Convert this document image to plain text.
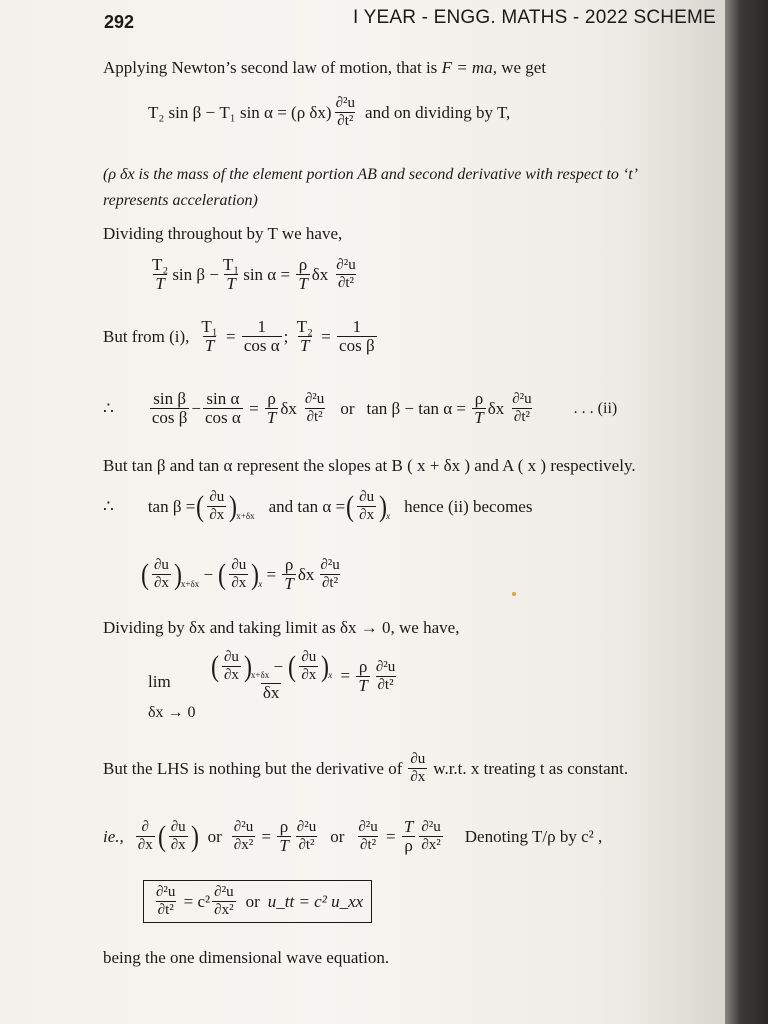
292	I YEAR - ENGG. MATHS - 2022 SCHEME
Applying Newton’s second law of motion, that is F = ma, we get
T₂ sin β − T₁ sin α = (ρ $\delta x) \frac{\text{∂²u}}{\text{∂t²}}$ and on dividing by T,
(ρ δx is the mass of the element portion AB and second derivative with respect to ‘t’
represents acceleration)
Dividing throughout by T we have,
$\frac{\text{T₂}}{T}$ $\sin \beta - \frac{\text{T₁}}{T}$ $\sin \alpha = \frac{\rho}{T}$ δx $\frac{\text{∂²u}}{\text{∂t²}}$
But from (i), $\frac{\text{T₁}}{T} = \frac{1}{\text{cos α}}$ ; $\frac{\text{T₂}}{T} = \frac{1}{\text{cos β}}$
∴ $\frac{\text{sin β}}{\text{cos β}} - \frac{\text{sin α}}{\text{cos α}} = \frac{\rho}{T}$ δx $\frac{\text{∂²u}}{\text{∂t²}}$ or $\tan \beta - \tan \alpha = \frac{\rho}{T}$ δx $\frac{\text{∂²u}}{\text{∂t²}}$	. . . (ii)
But tan β and tan α represent the slopes at B ( x + δx ) and A ( x ) respectively.
∴ tan β = ( $\frac{\partial u}{\partial x}$ ) x+δx and tan α = ( $\frac{\partial u}{\partial x}$ ) x hence (ii) becomes
( $\frac{\partial u}{\partial x}$ ) x+δx − ( $\frac{\partial u}{\partial x}$ ) $x = \frac{\rho}{T}$ δx $\frac{\text{∂²u}}{\text{∂t²}}$
Dividing by δx and taking limit as δx → 0, we have,
lim
δx → 0
( $\frac{\partial u}{\partial x}$ ) x+δx − ( $\frac{\partial u}{\partial x}$ ) x
δx
= $\frac{\rho}{T} \frac{\text{∂²u}}{\text{∂t²}}$
But the LHS is nothing but the derivative of $\frac{\partial u}{\partial x} w.r.t$. x treating t as constant.
ie., $\frac{\partial}{\partial x}$ ( $\frac{\partial u}{\partial x}$ ) or $\frac{\text{∂²u}}{\text{∂x²}} = \frac{\rho}{T} \frac{\text{∂²u}}{\text{∂t²}}$ or $\frac{\text{∂²u}}{\text{∂t²}} = \frac{T}{\rho} \frac{\text{∂²u}}{\text{∂x²}}$ Denoting T/ρ by c² ,
$\frac{\text{∂²u}}{\text{∂t²}} = c^2 \frac{\text{∂²u}}{\text{∂x²}}$ or u_tt = c² u_xx
being the one dimensional wave equation.
